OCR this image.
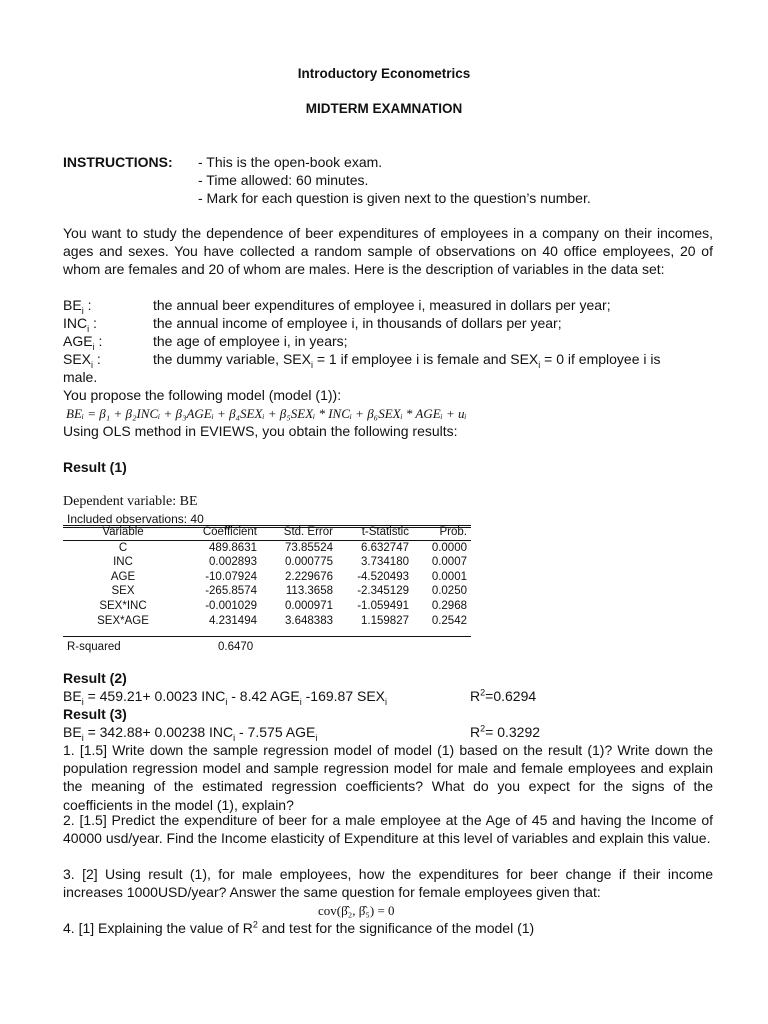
Introductory Econometrics
MIDTERM EXAMNATION
INSTRUCTIONS: - This is the open-book exam.
- Time allowed: 60 minutes.
- Mark for each question is given next to the question’s number.
You want to study the dependence of beer expenditures of employees in a company on their incomes, ages and sexes. You have collected a random sample of observations on 40 office employees, 20 of whom are females and 20 of whom are males. Here is the description of variables in the data set:
$BE_i$ :	the annual beer expenditures of employee i, measured in dollars per year;
$INC_i$ :	the annual income of employee i, in thousands of dollars per year;
$AGE_i$ :	the age of employee i, in years;
$SEX_i$ :	the dummy variable, $SEX_i = 1$ if employee i is female and $SEX_i = 0$ if employee i is
male.
You propose the following model (model (1)):
BEᵢ = β₁ + β₂INCᵢ + β₃AGEᵢ + β₄SEXᵢ + β₅SEXᵢ * INCᵢ + β₆SEXᵢ * AGEᵢ + uᵢ
Using OLS method in EVIEWS, you obtain the following results:
Result (1)
Dependent variable: BE
Included observations: 40
Variable	Coefficient	Std. Error	t-Statistic	Prob.
C	489.8631	73.85524	6.632747	0.0000
INC	0.002893	0.000775	3.734180	0.0007
AGE	-10.07924	2.229676	-4.520493	0.0001
SEX	-265.8574	113.3658	-2.345129	0.0250
SEX*INC	-0.001029	0.000971	-1.059491	0.2968
SEX*AGE	4.231494	3.648383	1.159827	0.2542
R-squared	0.6470
Result (2)
$BE_i = 459.21+ 0.0023$ $INC_i - 8.42$ $AGE_i$ -169.87 $SEX_i$	$R^2=0.6294$
Result (3)
$BE_i = 342.88+ 0.00238$ $INC_i - 7.575$ $AGE_i$	$R^2= 0.3292$
1. [1.5] Write down the sample regression model of model (1) based on the result (1)? Write down the population regression model and sample regression model for male and female employees and explain the meaning of the estimated regression coefficients? What do you expect for the signs of the coefficients in the model (1), explain?
2. [1.5] Predict the expenditure of beer for a male employee at the Age of 45 and having the Income of 40000 usd/year. Find the Income elasticity of Expenditure at this level of variables and explain this value.
3. [2] Using result (1), for male employees, how the expenditures for beer change if their income increases 1000USD/year? Answer the same question for female employees given that:
cov(β̂₂, β̂₅) = 0
4. [1] Explaining the value of $R^2$ and test for the significance of the model (1)
